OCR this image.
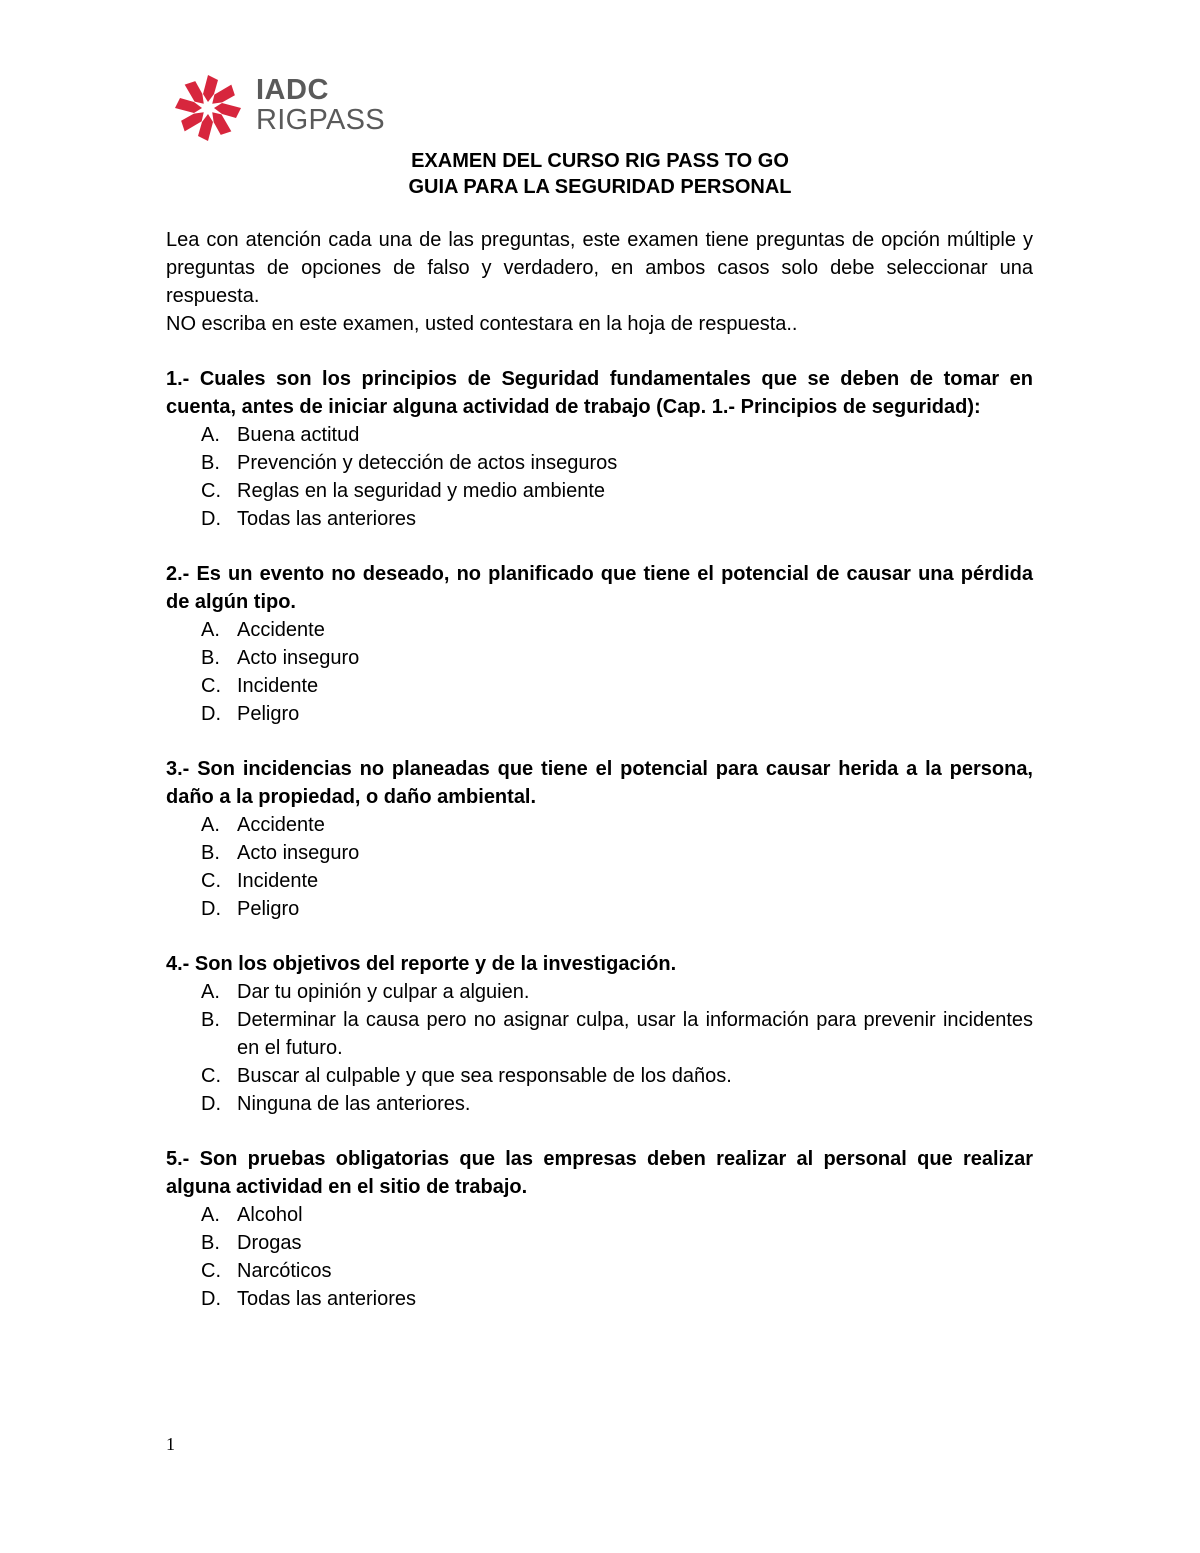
IADC
RIGPASS
EXAMEN DEL CURSO RIG PASS TO GO
GUIA PARA LA SEGURIDAD PERSONAL

Lea con atención cada una de las preguntas, este examen tiene preguntas de opción múltiple y preguntas de opciones de falso y verdadero, en ambos casos solo debe seleccionar una respuesta.

NO escriba en este examen, usted contestara en la hoja de respuesta..

1.- Cuales son los principios de Seguridad fundamentales que se deben de tomar en cuenta, antes de iniciar alguna actividad de trabajo (Cap. 1.- Principios de seguridad):

A. Buena actitud
B. Prevención y detección de actos inseguros
C. Reglas en la seguridad y medio ambiente
D. Todas las anteriores

2.- Es un evento no deseado, no planificado que tiene el potencial de causar una pérdida de algún tipo.

A. Accidente
B. Acto inseguro
C. Incidente
D. Peligro

3.- Son incidencias no planeadas que tiene el potencial para causar herida a la persona, daño a la propiedad, o daño ambiental.

A. Accidente
B. Acto inseguro
C. Incidente
D. Peligro

4.- Son los objetivos del reporte y de la investigación.

A. Dar tu opinión y culpar a alguien.
B. Determinar la causa pero no asignar culpa, usar la información para prevenir incidentes en el futuro.
C. Buscar al culpable y que sea responsable de los daños.
D. Ninguna de las anteriores.

5.- Son pruebas obligatorias que las empresas deben realizar al personal que realizar alguna actividad en el sitio de trabajo.

A. Alcohol
B. Drogas
C. Narcóticos
D. Todas las anteriores
1
